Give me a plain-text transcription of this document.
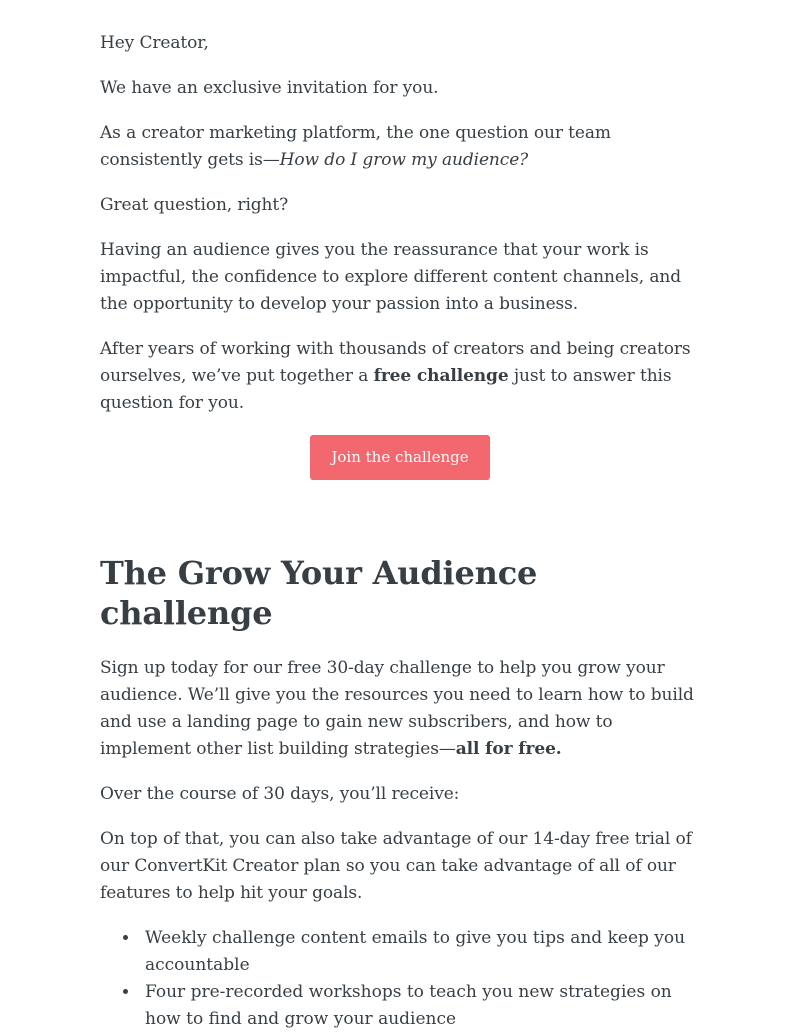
Hey Creator,

We have an exclusive invitation for you.

As a creator marketing platform, the one question our team consistently gets is—How do I grow my audience?

Great question, right?

Having an audience gives you the reassurance that your work is impactful, the confidence to explore different content channels, and the opportunity to develop your passion into a business.

After years of working with thousands of creators and being creators ourselves, we’ve put together a free challenge just to answer this question for you.

Join the challenge
The Grow Your Audience challenge

Sign up today for our free 30-day challenge to help you grow your audience. We’ll give you the resources you need to learn how to build and use a landing page to gain new subscribers, and how to implement other list building strategies—all for free.

Over the course of 30 days, you’ll receive:

On top of that, you can also take advantage of our 14-day free trial of our ConvertKit Creator plan so you can take advantage of all of our features to help hit your goals.

• Weekly challenge content emails to give you tips and keep you accountable
• Four pre-recorded workshops to teach you new strategies on how to find and grow your audience
